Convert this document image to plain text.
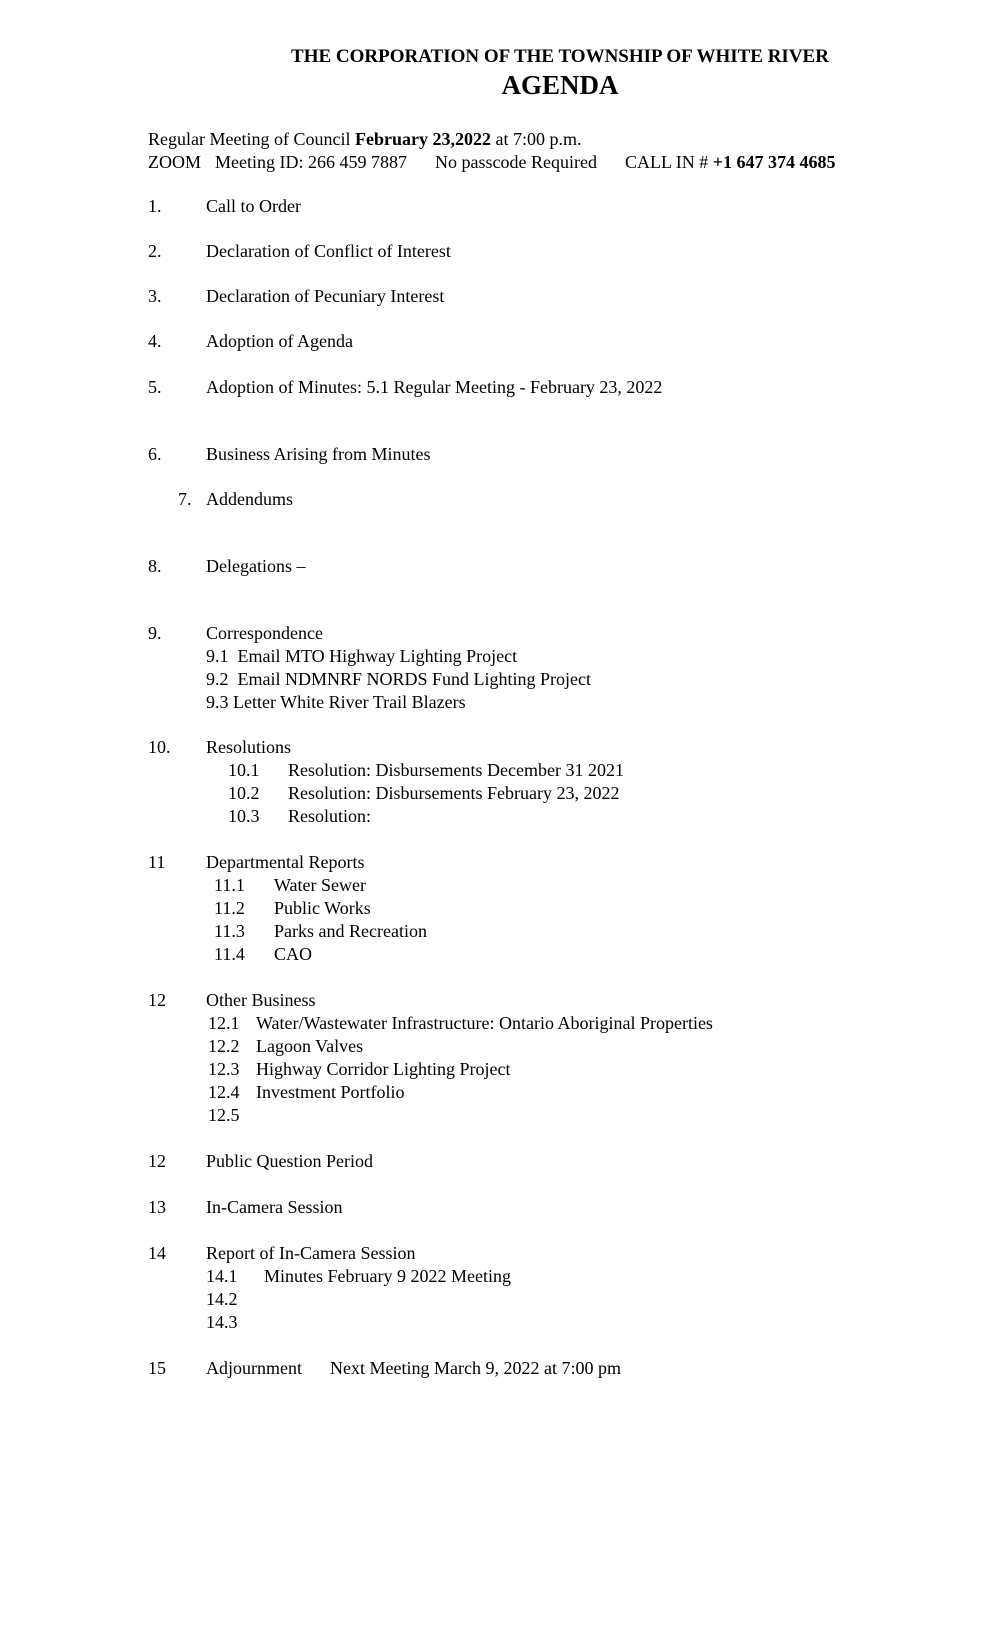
THE CORPORATION OF THE TOWNSHIP OF WHITE RIVER
AGENDA
Regular Meeting of Council February 23,2022 at 7:00 p.m.
ZOOM Meeting ID: 266 459 7887 No passcode Required CALL IN # +1 647 374 4685
1. Call to Order
2. Declaration of Conflict of Interest
3. Declaration of Pecuniary Interest
4. Adoption of Agenda
5. Adoption of Minutes: 5.1 Regular Meeting - February 23, 2022
6. Business Arising from Minutes
7. Addendums
8. Delegations –
9. Correspondence
9.1 Email MTO Highway Lighting Project
9.2 Email NDMNRF NORDS Fund Lighting Project
9.3 Letter White River Trail Blazers
10. Resolutions
10.1 Resolution: Disbursements December 31 2021
10.2 Resolution: Disbursements February 23, 2022
10.3 Resolution:
11 Departmental Reports
11.1 Water Sewer
11.2 Public Works
11.3 Parks and Recreation
11.4 CAO
12 Other Business
12.1 Water/Wastewater Infrastructure: Ontario Aboriginal Properties
12.2 Lagoon Valves
12.3 Highway Corridor Lighting Project
12.4 Investment Portfolio
12.5
12 Public Question Period
13 In-Camera Session
14 Report of In-Camera Session
14.1 Minutes February 9 2022 Meeting
14.2
14.3
15 Adjournment Next Meeting March 9, 2022 at 7:00 pm
